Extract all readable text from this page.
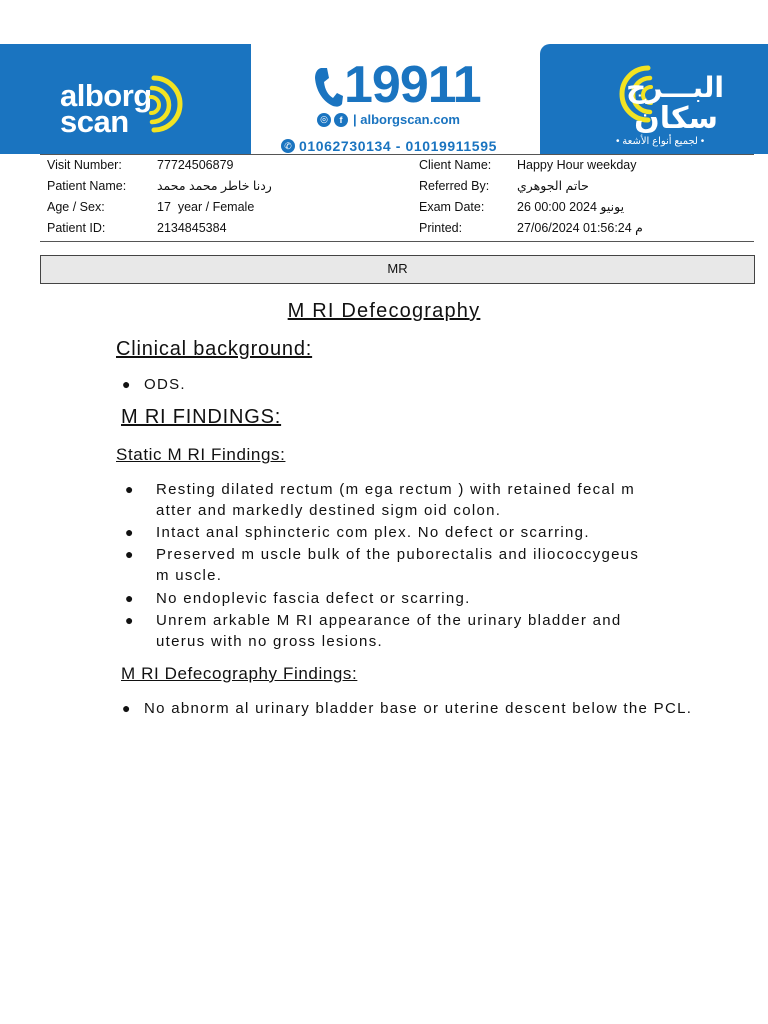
alborg
scan
19911
◎	f | alborgscan.com
✆ 01062730134 - 01019911595
البـــرج
سكان
• لجميع أنواع الأشعة •
Visit Number:	77724506879	Client Name: Happy Hour weekday
Patient Name: ردنا خاطر محمد محمد	Referred By: حاتم الجوهري
Age / Sex:	17  year / Female	Exam Date:	26 00:00 2024 يونيو
Patient ID:	2134845384	Printed:	27/06/2024 01:56:24 م
MR
M RI Defecography
Clinical background:
● ODS.
M RI FINDINGS:
Static M RI Findings:
● Resting dilated rectum (m ega rectum ) with retained fecal m atter and markedly destined sigm oid colon.
● Intact anal sphincteric com plex. No defect or scarring.
● Preserved m uscle bulk of the puborectalis and iliococcygeus m uscle.
● No endoplevic fascia defect or scarring.
● Unrem arkable M RI appearance of the urinary bladder and uterus with no gross lesions.
M RI Defecography Findings:
● No abnorm al urinary bladder base or uterine descent below the PCL.
